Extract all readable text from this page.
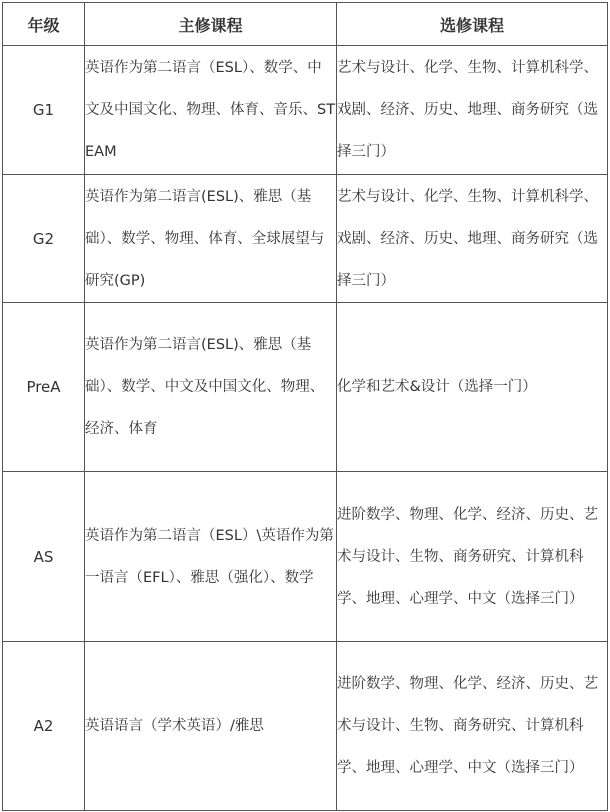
年级	主修课程	选修课程
G1	英语作为第二语言（ESL）、数学、中文及中国文化、物理、体育、音乐、STEAM	艺术与设计、化学、生物、计算机科学、戏剧、经济、历史、地理、商务研究（选择三门）
G2	英语作为第二语言(ESL)、雅思（基础）、数学、物理、体育、全球展望与研究(GP)	艺术与设计、化学、生物、计算机科学、戏剧、经济、历史、地理、商务研究（选择三门）
PreA	英语作为第二语言(ESL)、雅思（基础）、数学、中文及中国文化、物理、经济、体育	化学和艺术&设计（选择一门）
AS	英语作为第二语言（ESL）\英语作为第一语言（EFL）、雅思（强化）、数学	进阶数学、物理、化学、经济、历史、艺术与设计、生物、商务研究、计算机科学、地理、心理学、中文（选择三门）
A2	英语语言（学术英语）/雅思	进阶数学、物理、化学、经济、历史、艺术与设计、生物、商务研究、计算机科学、地理、心理学、中文（选择三门）
